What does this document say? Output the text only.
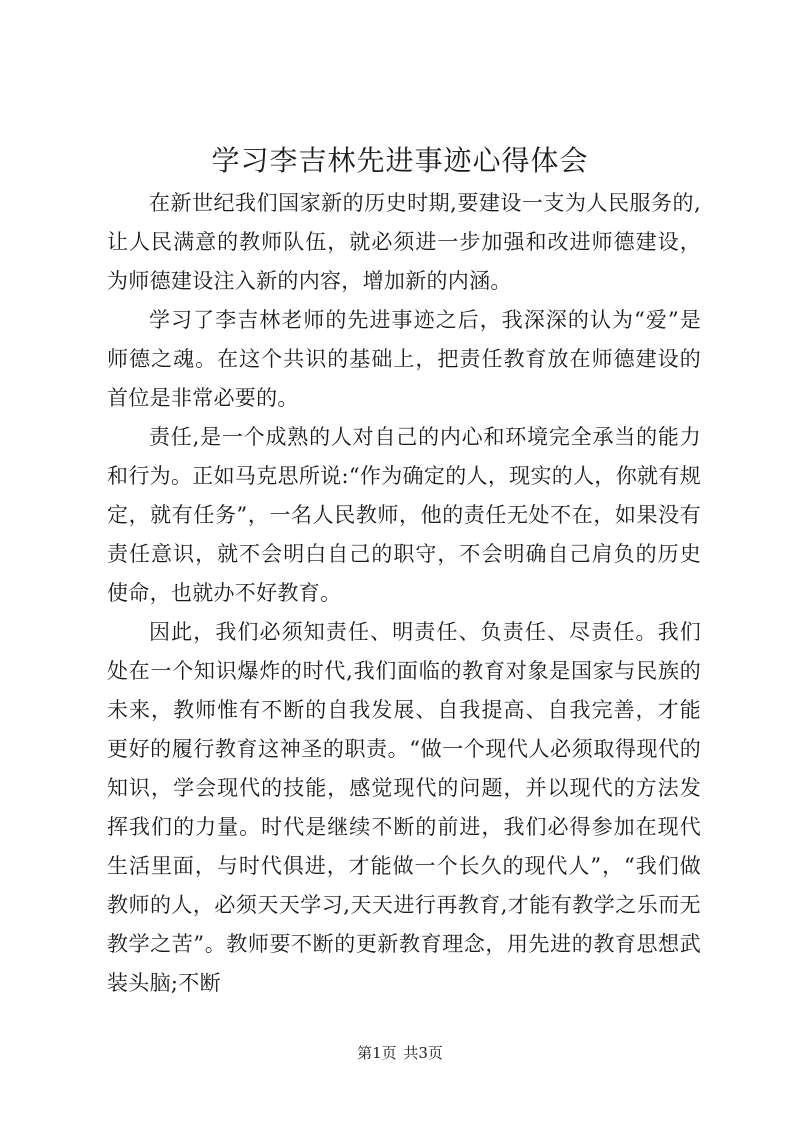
学习李吉林先进事迹心得体会

在新世纪我们国家新的历史时期,要建设一支为人民服务的,让人民满意的教师队伍，就必须进一步加强和改进师德建设，为师德建设注入新的内容，增加新的内涵。

学习了李吉林老师的先进事迹之后，我深深的认为“爱”是师德之魂。在这个共识的基础上，把责任教育放在师德建设的首位是非常必要的。

责任,是一个成熟的人对自己的内心和环境完全承当的能力和行为。正如马克思所说:“作为确定的人，现实的人，你就有规定，就有任务”，一名人民教师，他的责任无处不在，如果没有责任意识，就不会明白自己的职守，不会明确自己肩负的历史使命，也就办不好教育。

因此，我们必须知责任、明责任、负责任、尽责任。我们处在一个知识爆炸的时代,我们面临的教育对象是国家与民族的未来，教师惟有不断的自我发展、自我提高、自我完善，才能更好的履行教育这神圣的职责。“做一个现代人必须取得现代的知识，学会现代的技能，感觉现代的问题，并以现代的方法发挥我们的力量。时代是继续不断的前进，我们必得参加在现代生活里面，与时代俱进，才能做一个长久的现代人”，“我们做教师的人，必须天天学习,天天进行再教育,才能有教学之乐而无教学之苦”。教师要不断的更新教育理念，用先进的教育思想武装头脑;不断

第1页 共3页
